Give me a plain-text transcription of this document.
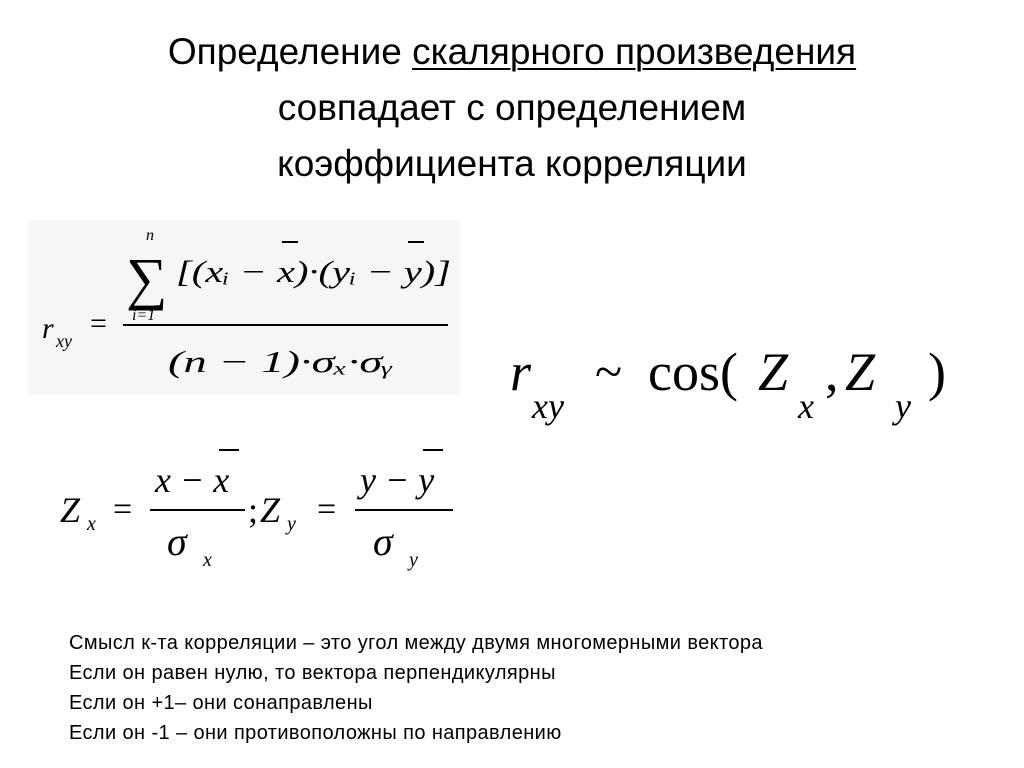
Определение скалярного произведения
совпадает с определением
коэффициента корреляции
r xy
=
n
∑
i=1
[(xᵢ − x)·(yᵢ − y)]
(n − 1)·σₓ·σᵧ r
xy
~ cos( Z
x
, Z
y
)
Z x =
x − x
σ x
; Z y =
y − y
σ y
Смысл к-та корреляции – это угол между двумя многомерными вектора
Если он равен нулю, то вектора перпендикулярны
Если он +1– они сонаправлены
Если он -1 – они противоположны по направлению
